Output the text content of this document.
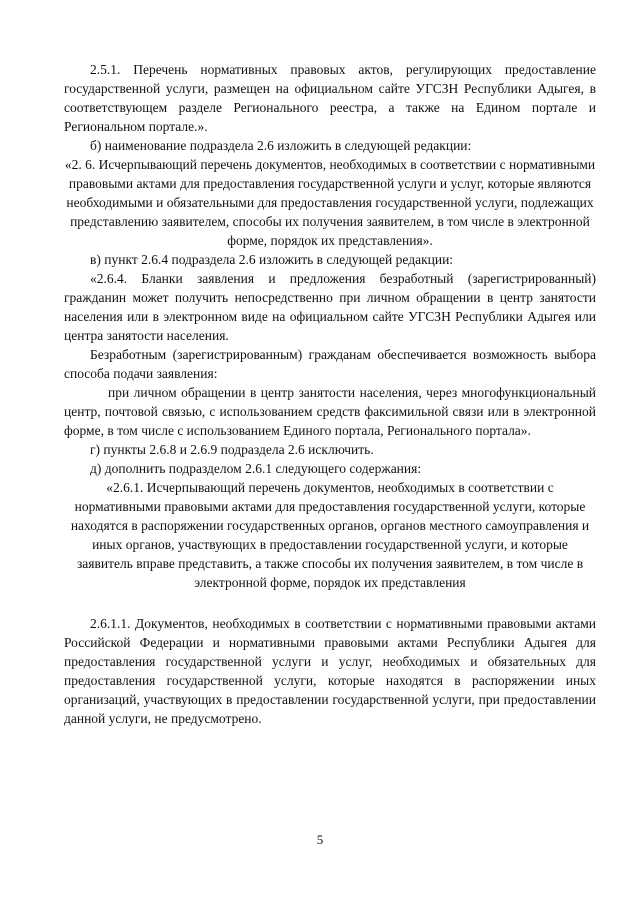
2.5.1. Перечень нормативных правовых актов, регулирующих предоставление государственной услуги, размещен на официальном сайте УГСЗН Республики Адыгея, в соответствующем разделе Регионального реестра, а также на Едином портале и Региональном портале.».

б) наименование подраздела 2.6 изложить в следующей редакции:

«2. 6. Исчерпывающий перечень документов, необходимых в соответствии с нормативными правовыми актами для предоставления государственной услуги и услуг, которые являются необходимыми и обязательными для предоставления государственной услуги, подлежащих представлению заявителем, способы их получения заявителем, в том числе в электронной форме, порядок их представления».

в) пункт 2.6.4 подраздела 2.6 изложить в следующей редакции:

«2.6.4. Бланки заявления и предложения безработный (зарегистрированный) гражданин может получить непосредственно при личном обращении в центр занятости населения или в электронном виде на официальном сайте УГСЗН Республики Адыгея или центра занятости населения.

Безработным (зарегистрированным) гражданам обеспечивается возможность выбора способа подачи заявления:

при личном обращении в центр занятости населения, через многофункциональный центр, почтовой связью, с использованием средств факсимильной связи или в электронной форме, в том числе с использованием Единого портала, Регионального портала».

г) пункты 2.6.8 и 2.6.9 подраздела 2.6 исключить.

д) дополнить подразделом 2.6.1 следующего содержания:

«2.6.1. Исчерпывающий перечень документов, необходимых в соответствии с нормативными правовыми актами для предоставления государственной услуги, которые находятся в распоряжении государственных органов, органов местного самоуправления и иных органов, участвующих в предоставлении государственной услуги, и которые заявитель вправе представить, а также способы их получения заявителем, в том числе в электронной форме, порядок их представления

2.6.1.1. Документов, необходимых в соответствии с нормативными правовыми актами Российской Федерации и нормативными правовыми актами Республики Адыгея для предоставления государственной услуги и услуг, необходимых и обязательных для предоставления государственной услуги, которые находятся в распоряжении иных организаций, участвующих в предоставлении государственной услуги, при предоставлении данной услуги, не предусмотрено.

5
